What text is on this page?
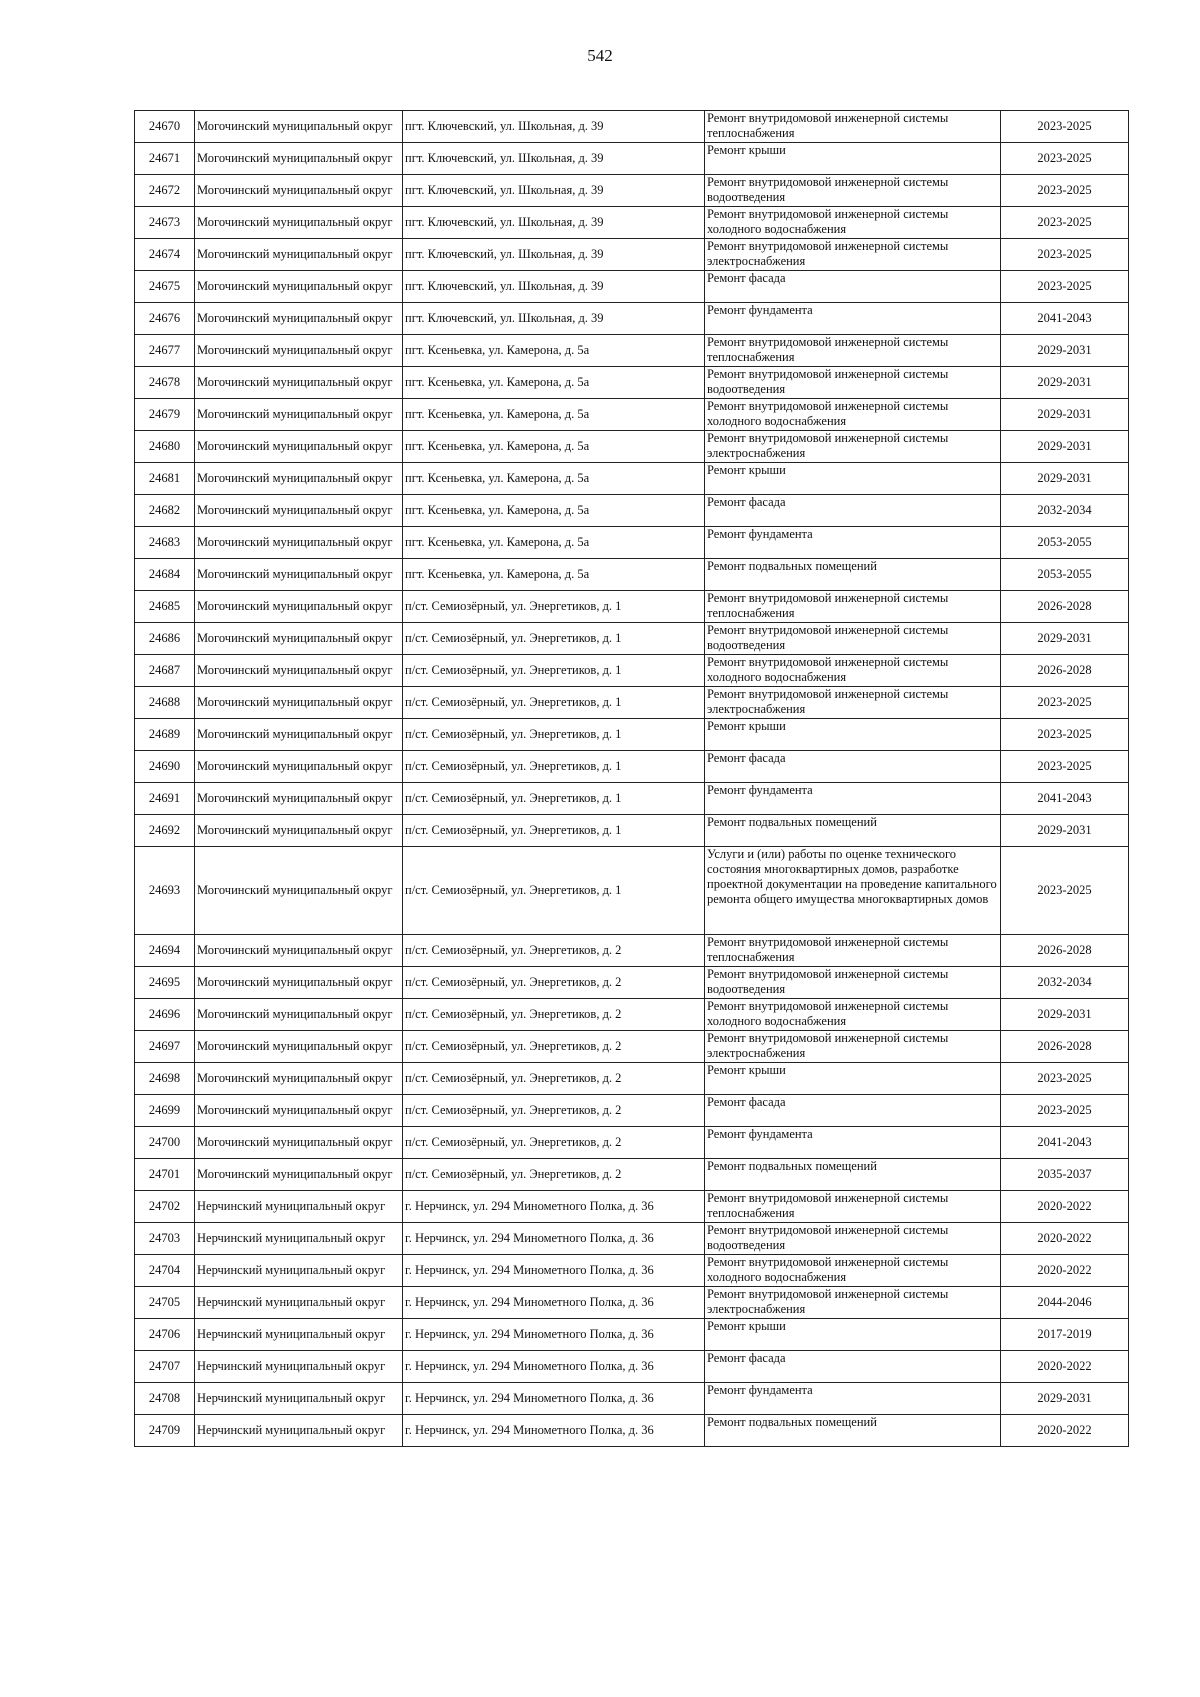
542
24670	Могочинский муниципальный округ	пгт. Ключевский, ул. Школьная, д. 39	Ремонт внутридомовой инженерной системы теплоснабжения	2023-2025
24671	Могочинский муниципальный округ	пгт. Ключевский, ул. Школьная, д. 39	Ремонт крыши	2023-2025
24672	Могочинский муниципальный округ	пгт. Ключевский, ул. Школьная, д. 39	Ремонт внутридомовой инженерной системы водоотведения	2023-2025
24673	Могочинский муниципальный округ	пгт. Ключевский, ул. Школьная, д. 39	Ремонт внутридомовой инженерной системы холодного водоснабжения	2023-2025
24674	Могочинский муниципальный округ	пгт. Ключевский, ул. Школьная, д. 39	Ремонт внутридомовой инженерной системы электроснабжения	2023-2025
24675	Могочинский муниципальный округ	пгт. Ключевский, ул. Школьная, д. 39	Ремонт фасада	2023-2025
24676	Могочинский муниципальный округ	пгт. Ключевский, ул. Школьная, д. 39	Ремонт фундамента	2041-2043
24677	Могочинский муниципальный округ	пгт. Ксеньевка, ул. Камерона, д. 5а	Ремонт внутридомовой инженерной системы теплоснабжения	2029-2031
24678	Могочинский муниципальный округ	пгт. Ксеньевка, ул. Камерона, д. 5а	Ремонт внутридомовой инженерной системы водоотведения	2029-2031
24679	Могочинский муниципальный округ	пгт. Ксеньевка, ул. Камерона, д. 5а	Ремонт внутридомовой инженерной системы холодного водоснабжения	2029-2031
24680	Могочинский муниципальный округ	пгт. Ксеньевка, ул. Камерона, д. 5а	Ремонт внутридомовой инженерной системы электроснабжения	2029-2031
24681	Могочинский муниципальный округ	пгт. Ксеньевка, ул. Камерона, д. 5а	Ремонт крыши	2029-2031
24682	Могочинский муниципальный округ	пгт. Ксеньевка, ул. Камерона, д. 5а	Ремонт фасада	2032-2034
24683	Могочинский муниципальный округ	пгт. Ксеньевка, ул. Камерона, д. 5а	Ремонт фундамента	2053-2055
24684	Могочинский муниципальный округ	пгт. Ксеньевка, ул. Камерона, д. 5а	Ремонт подвальных помещений	2053-2055
24685	Могочинский муниципальный округ	п/ст. Семиозёрный, ул. Энергетиков, д. 1	Ремонт внутридомовой инженерной системы теплоснабжения	2026-2028
24686	Могочинский муниципальный округ	п/ст. Семиозёрный, ул. Энергетиков, д. 1	Ремонт внутридомовой инженерной системы водоотведения	2029-2031
24687	Могочинский муниципальный округ	п/ст. Семиозёрный, ул. Энергетиков, д. 1	Ремонт внутридомовой инженерной системы холодного водоснабжения	2026-2028
24688	Могочинский муниципальный округ	п/ст. Семиозёрный, ул. Энергетиков, д. 1	Ремонт внутридомовой инженерной системы электроснабжения	2023-2025
24689	Могочинский муниципальный округ	п/ст. Семиозёрный, ул. Энергетиков, д. 1	Ремонт крыши	2023-2025
24690	Могочинский муниципальный округ	п/ст. Семиозёрный, ул. Энергетиков, д. 1	Ремонт фасада	2023-2025
24691	Могочинский муниципальный округ	п/ст. Семиозёрный, ул. Энергетиков, д. 1	Ремонт фундамента	2041-2043
24692	Могочинский муниципальный округ	п/ст. Семиозёрный, ул. Энергетиков, д. 1	Ремонт подвальных помещений	2029-2031
24693	Могочинский муниципальный округ	п/ст. Семиозёрный, ул. Энергетиков, д. 1	Услуги и (или) работы по оценке технического состояния многоквартирных домов, разработке проектной документации на проведение капитального ремонта общего имущества многоквартирных домов	2023-2025
24694	Могочинский муниципальный округ	п/ст. Семиозёрный, ул. Энергетиков, д. 2	Ремонт внутридомовой инженерной системы теплоснабжения	2026-2028
24695	Могочинский муниципальный округ	п/ст. Семиозёрный, ул. Энергетиков, д. 2	Ремонт внутридомовой инженерной системы водоотведения	2032-2034
24696	Могочинский муниципальный округ	п/ст. Семиозёрный, ул. Энергетиков, д. 2	Ремонт внутридомовой инженерной системы холодного водоснабжения	2029-2031
24697	Могочинский муниципальный округ	п/ст. Семиозёрный, ул. Энергетиков, д. 2	Ремонт внутридомовой инженерной системы электроснабжения	2026-2028
24698	Могочинский муниципальный округ	п/ст. Семиозёрный, ул. Энергетиков, д. 2	Ремонт крыши	2023-2025
24699	Могочинский муниципальный округ	п/ст. Семиозёрный, ул. Энергетиков, д. 2	Ремонт фасада	2023-2025
24700	Могочинский муниципальный округ	п/ст. Семиозёрный, ул. Энергетиков, д. 2	Ремонт фундамента	2041-2043
24701	Могочинский муниципальный округ	п/ст. Семиозёрный, ул. Энергетиков, д. 2	Ремонт подвальных помещений	2035-2037
24702	Нерчинский муниципальный округ	г. Нерчинск, ул. 294 Минометного Полка, д. 36	Ремонт внутридомовой инженерной системы теплоснабжения	2020-2022
24703	Нерчинский муниципальный округ	г. Нерчинск, ул. 294 Минометного Полка, д. 36	Ремонт внутридомовой инженерной системы водоотведения	2020-2022
24704	Нерчинский муниципальный округ	г. Нерчинск, ул. 294 Минометного Полка, д. 36	Ремонт внутридомовой инженерной системы холодного водоснабжения	2020-2022
24705	Нерчинский муниципальный округ	г. Нерчинск, ул. 294 Минометного Полка, д. 36	Ремонт внутридомовой инженерной системы электроснабжения	2044-2046
24706	Нерчинский муниципальный округ	г. Нерчинск, ул. 294 Минометного Полка, д. 36	Ремонт крыши	2017-2019
24707	Нерчинский муниципальный округ	г. Нерчинск, ул. 294 Минометного Полка, д. 36	Ремонт фасада	2020-2022
24708	Нерчинский муниципальный округ	г. Нерчинск, ул. 294 Минометного Полка, д. 36	Ремонт фундамента	2029-2031
24709	Нерчинский муниципальный округ	г. Нерчинск, ул. 294 Минометного Полка, д. 36	Ремонт подвальных помещений	2020-2022
